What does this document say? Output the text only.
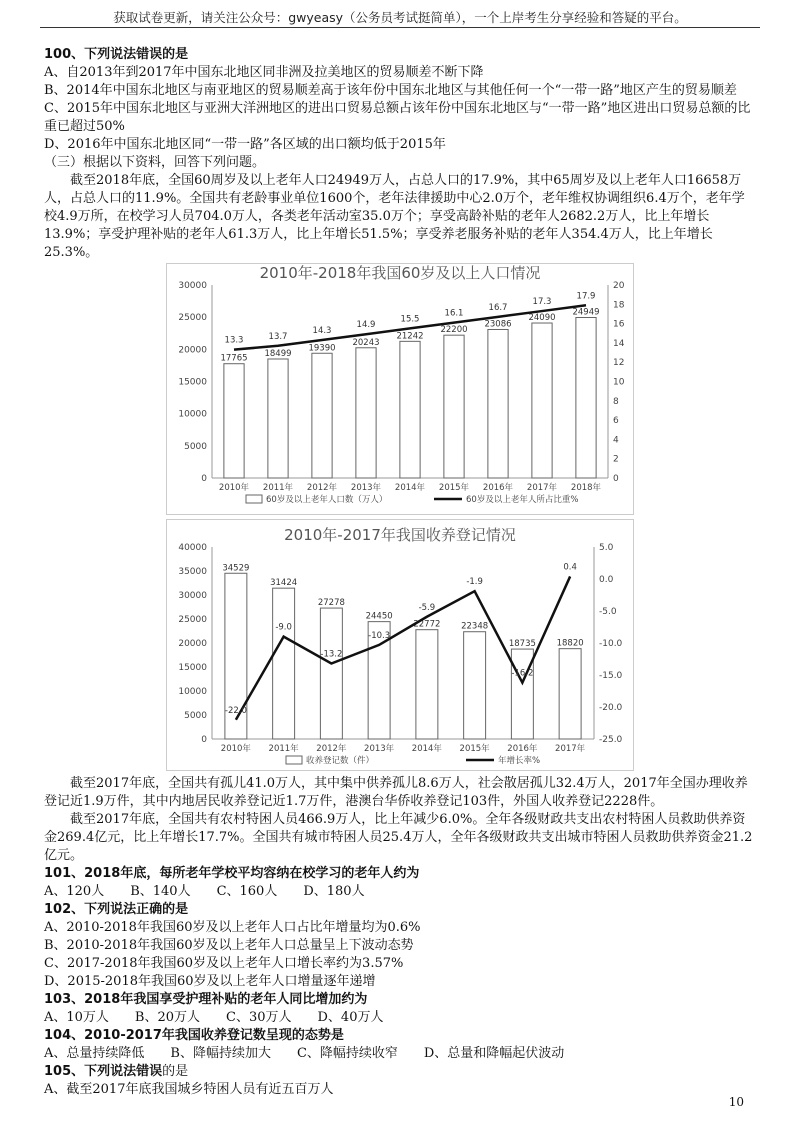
获取试卷更新，请关注公众号：gwyeasy（公务员考试挺简单），一个上岸考生分享经验和答疑的平台。

100、下列说法错误的是

A、自2013年到2017年中国东北地区同非洲及拉美地区的贸易顺差不断下降

B、2014年中国东北地区与南亚地区的贸易顺差高于该年份中国东北地区与其他任何一个“一带一路”地区产生的贸易顺差

C、2015年中国东北地区与亚洲大洋洲地区的进出口贸易总额占该年份中国东北地区与“一带一路”地区进出口贸易总额的比重已超过50%

D、2016年中国东北地区同“一带一路”各区域的出口额均低于2015年

（三）根据以下资料，回答下列问题。

截至2018年底，全国60周岁及以上老年人口24949万人，占总人口的17.9%，其中65周岁及以上老年人口16658万人，占总人口的11.9%。全国共有老龄事业单位1600个，老年法律援助中心2.0万个，老年维权协调组织6.4万个，老年学校4.9万所，在校学习人员704.0万人，各类老年活动室35.0万个；享受高龄补贴的老年人2682.2万人，比上年增长13.9%；享受护理补贴的老年人61.3万人，比上年增长51.5%；享受养老服务补贴的老年人354.4万人，比上年增长25.3%。

2010年-2018年我国60岁及以上人口情况
0
5000
10000
15000
20000
25000
30000
0
2
4
6
8
10
12
14
16
18
20
17765
2010年
18499
2011年
19390
2012年
20243
2013年
21242
2014年
22200
2015年
23086
2016年
24090
2017年
24949
2018年
13.3	13.7
14.3
14.9
15.5
16.1
16.7
17.3
17.9
60岁及以上老年人口数（万人）	60岁及以上老年人所占比重%
2010年-2017年我国收养登记情况
0
5000
10000
15000
20000
25000
30000
35000
40000
-25.0
-20.0
-15.0
-10.0
-5.0
0.0
5.0
34529
2010年
31424
2011年
27278
2012年
24450
2013年
22772
2014年
22348
2015年
18735
2016年
18820
2017年
-22.0
-9.0
-13.2
-10.3
-5.9
-1.9
-16.2
0.4
收养登记数（件）	年增长率%

截至2017年底，全国共有孤儿41.0万人，其中集中供养孤儿8.6万人，社会散居孤儿32.4万人，2017年全国办理收养登记近1.9万件，其中内地居民收养登记近1.7万件，港澳台华侨收养登记103件，外国人收养登记2228件。

截至2017年底，全国共有农村特困人员466.9万人，比上年减少6.0%。全年各级财政共支出农村特困人员救助供养资金269.4亿元，比上年增长17.7%。全国共有城市特困人员25.4万人，全年各级财政共支出城市特困人员救助供养资金21.2亿元。

101、2018年底，每所老年学校平均容纳在校学习的老年人约为

A、120人　　B、140人　　C、160人　　D、180人

102、下列说法正确的是

A、2010-2018年我国60岁及以上老年人口占比年增量均为0.6%

B、2010-2018年我国60岁及以上老年人口总量呈上下波动态势

C、2017-2018年我国60岁及以上老年人口增长率约为3.57%

D、2015-2018年我国60岁及以上老年人口增量逐年递增

103、2018年我国享受护理补贴的老年人同比增加约为

A、10万人　　B、20万人　　C、30万人　　D、40万人

104、2010-2017年我国收养登记数呈现的态势是

A、总量持续降低　　B、降幅持续加大　　C、降幅持续收窄　　D、总量和降幅起伏波动

105、下列说法错误的是

A、截至2017年底我国城乡特困人员有近五百万人

10
